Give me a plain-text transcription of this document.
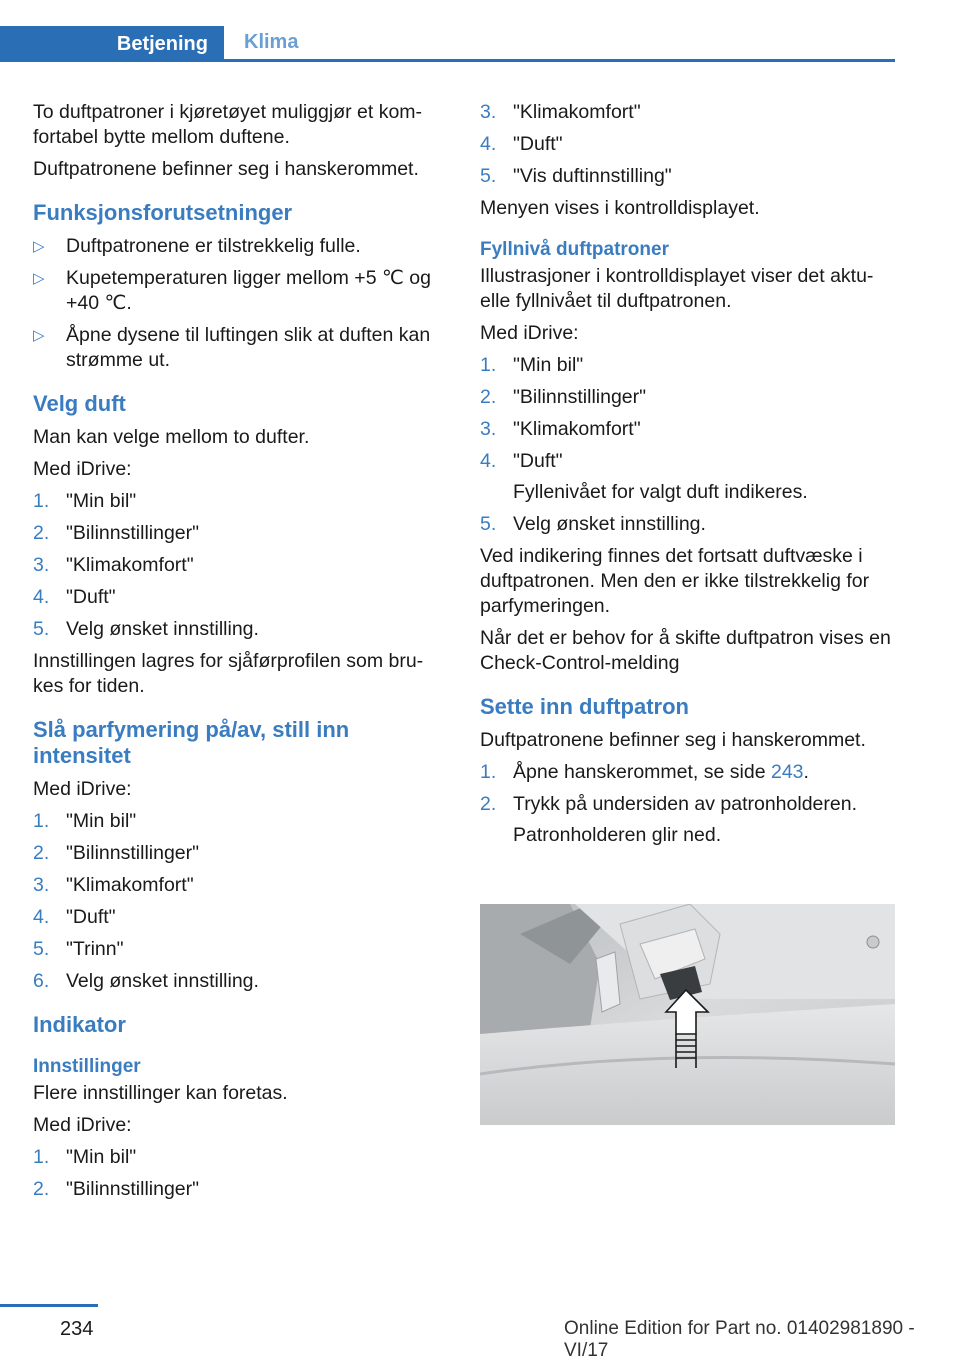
Betjening Klima

To duftpatroner i kjøretøyet muliggjør et kom-fortabel bytte mellom duftene.

Duftpatronene befinner seg i hanskerommet.

Funksjonsforutsetninger
▷ Duftpatronene er tilstrekkelig fulle.
▷ Kupetemperaturen ligger mellom +5 ℃ og +40 ℃.
▷ Åpne dysene til luftingen slik at duften kan strømme ut.
Velg duft

Man kan velge mellom to dufter.

Med iDrive:

1. "Min bil"
2. "Bilinnstillinger"
3. "Klimakomfort"
4. "Duft"
5. Velg ønsket innstilling.

Innstillingen lagres for sjåførprofilen som bru-kes for tiden.

Slå parfymering på/av, still inn intensitet

Med iDrive:

1. "Min bil"
2. "Bilinnstillinger"
3. "Klimakomfort"
4. "Duft"
5. "Trinn"
6. Velg ønsket innstilling.
Indikator
Innstillinger

Flere innstillinger kan foretas.

Med iDrive:

1. "Min bil"
2. "Bilinnstillinger"
3. "Klimakomfort"
4. "Duft"
5. "Vis duftinnstilling"

Menyen vises i kontrolldisplayet.

Fyllnivå duftpatroner

Illustrasjoner i kontrolldisplayet viser det aktu-elle fyllnivået til duftpatronen.

Med iDrive:

1. "Min bil"
2. "Bilinnstillinger"
3. "Klimakomfort"
4. "Duft"
Fyllenivået for valgt duft indikeres.
5. Velg ønsket innstilling.

Ved indikering finnes det fortsatt duftvæske i duftpatronen. Men den er ikke tilstrekkelig for parfymeringen.

Når det er behov for å skifte duftpatron vises en Check-Control-melding

Sette inn duftpatron

Duftpatronene befinner seg i hanskerommet.

1. Åpne hanskerommet, se side 243.
2. Trykk på undersiden av patronholderen.
Patronholderen glir ned.
234	Online Edition for Part no. 01402981890 - VI/17
